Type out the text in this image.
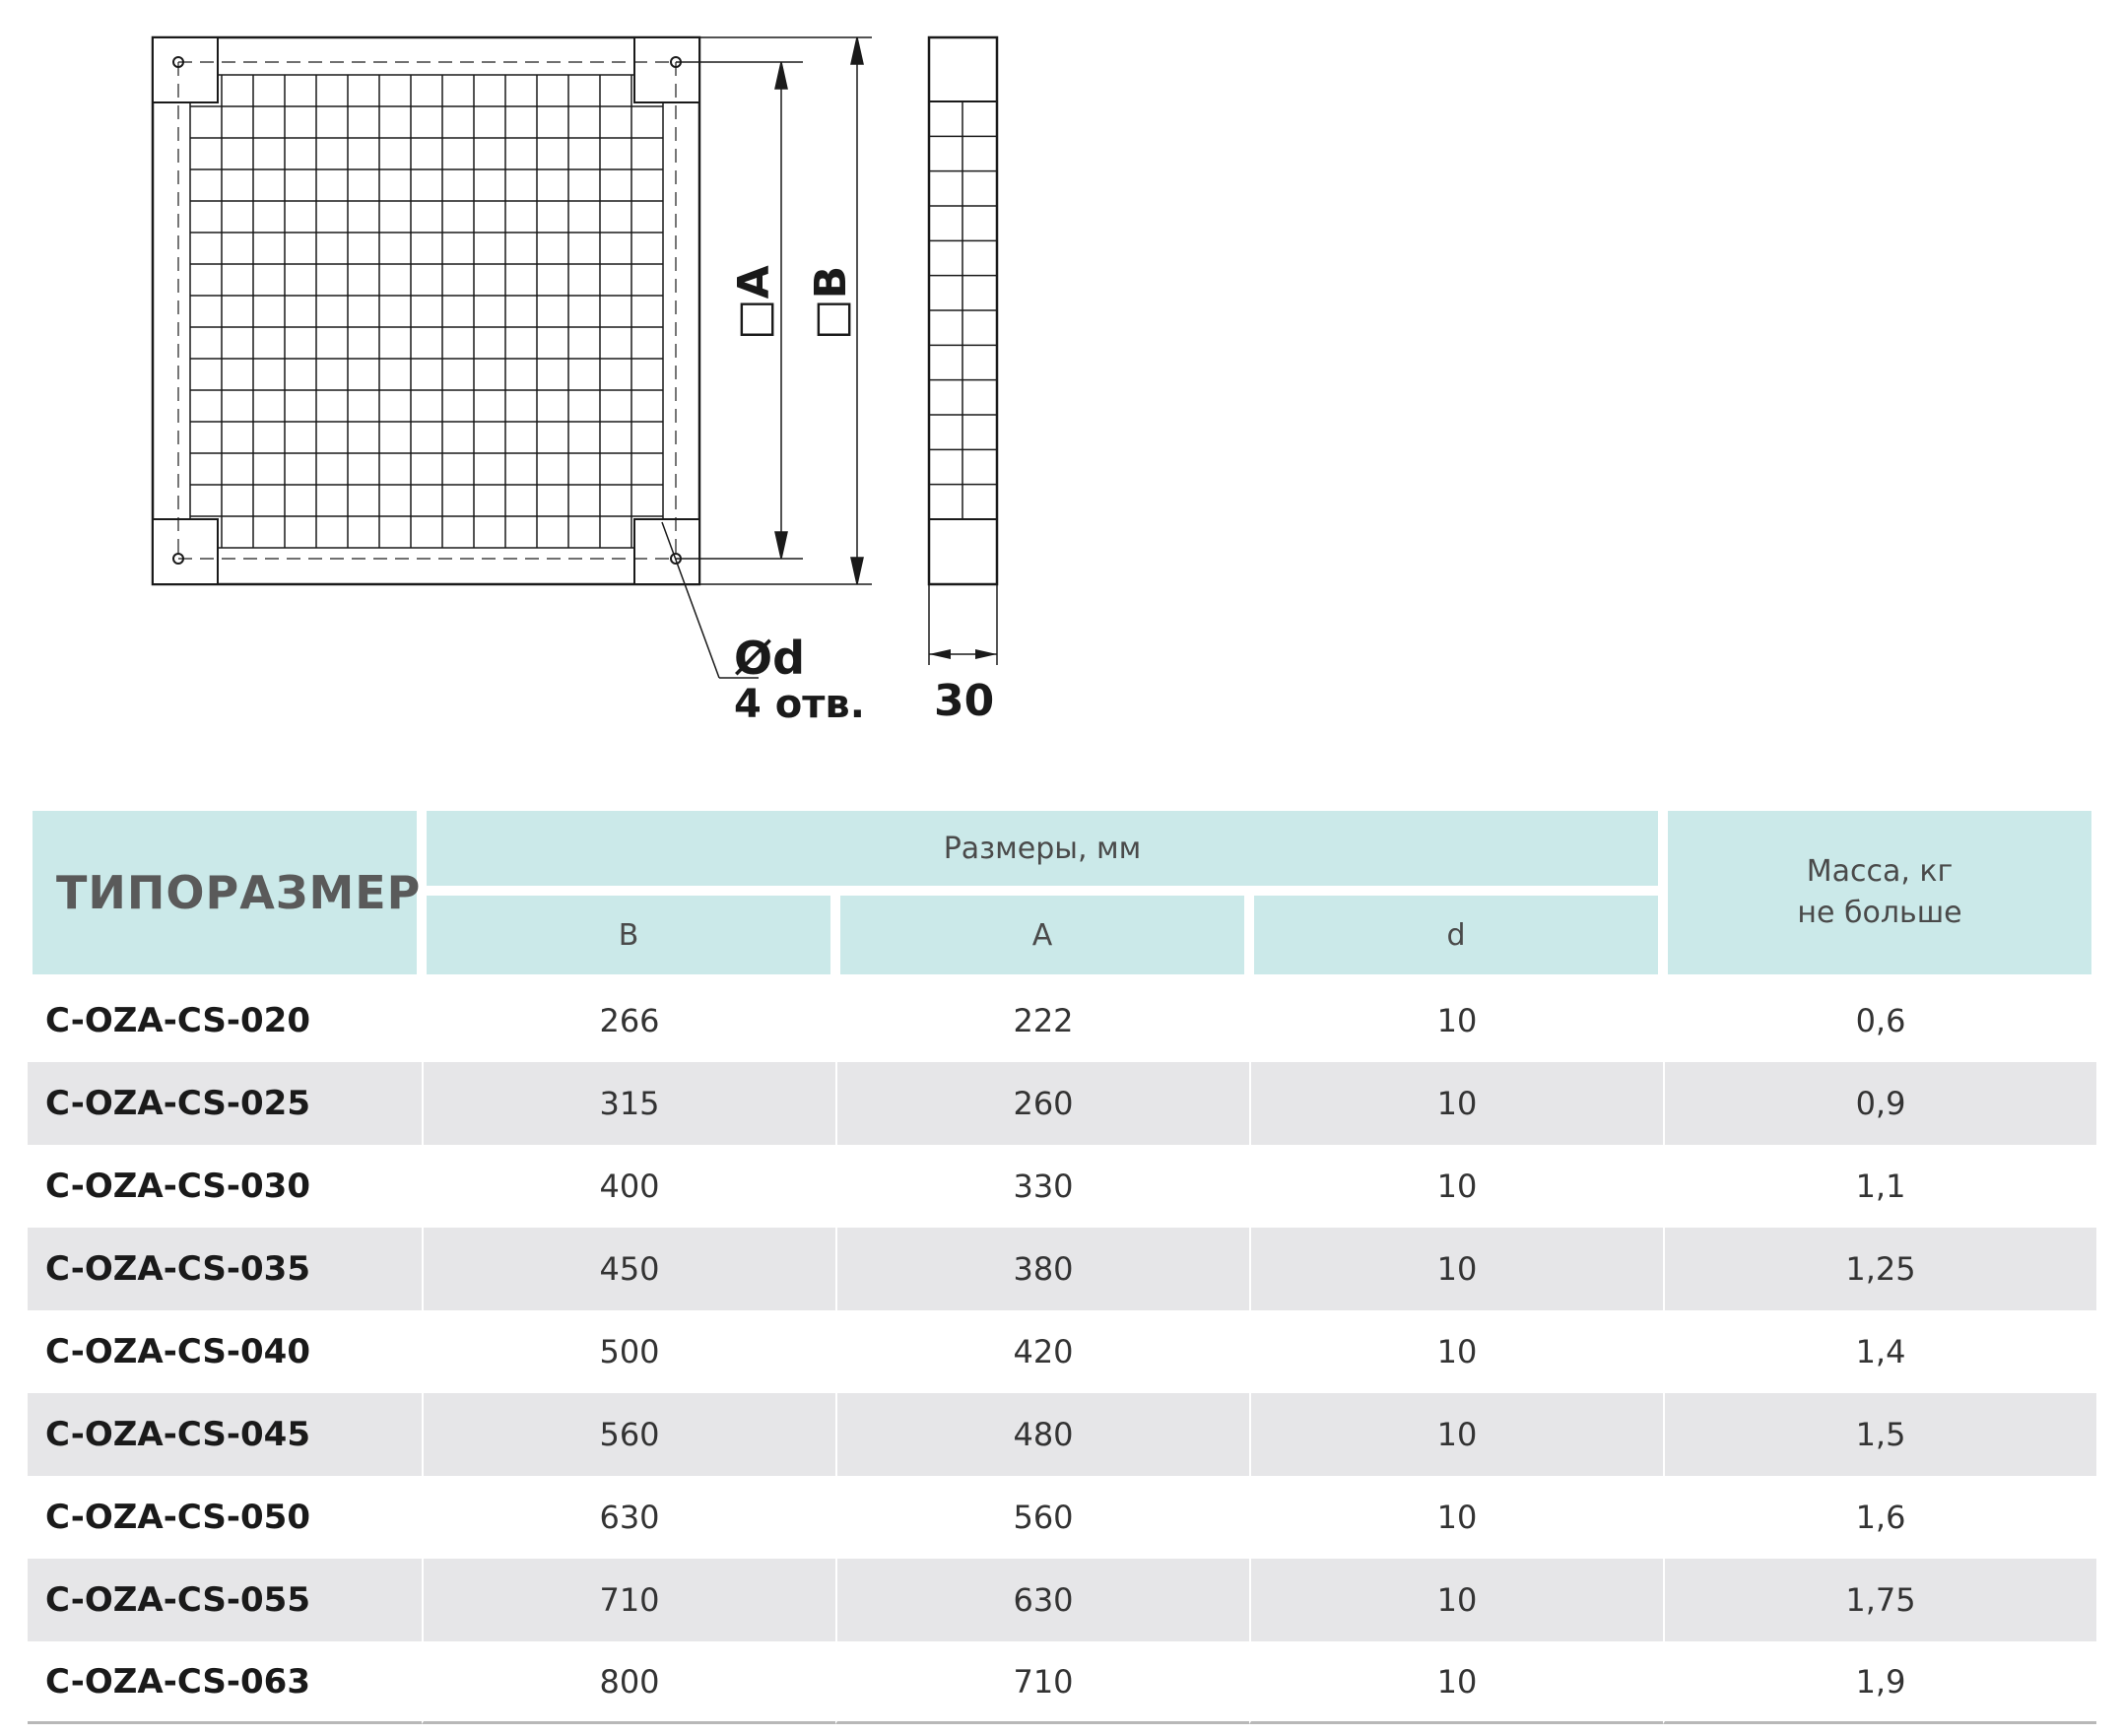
□A □B
Ød
4 отв. 30
ТИПОРАЗМЕР	Размеры, мм			Масса, кг
не больше

	B	A	d	
C-OZA-CS-020	266	222	10	0,6
C-OZA-CS-025	315	260	10	0,9
C-OZA-CS-030	400	330	10	1,1
C-OZA-CS-035	450	380	10	1,25
C-OZA-CS-040	500	420	10	1,4
C-OZA-CS-045	560	480	10	1,5
C-OZA-CS-050	630	560	10	1,6
C-OZA-CS-055	710	630	10	1,75
C-OZA-CS-063	800	710	10	1,9
